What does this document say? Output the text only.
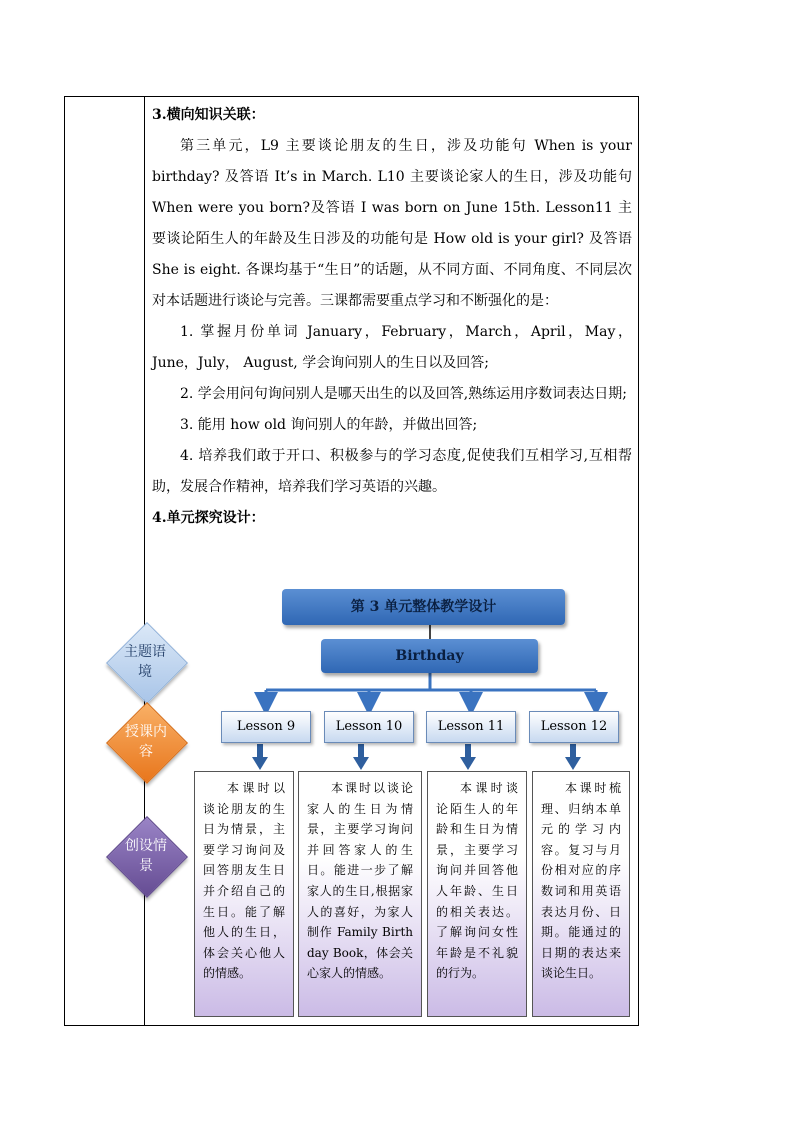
3.横向知识关联：
第三单元，L9 主要谈论朋友的生日，涉及功能句 When is your birthday? 及答语 It’s in March. L10 主要谈论家人的生日，涉及功能句 When were you born?及答语 I was born on June 15th. Lesson11 主要谈论陌生人的年龄及生日涉及的功能句是 How old is your girl? 及答语 She is eight. 各课均基于“生日”的话题，从不同方面、不同角度、不同层次对本话题进行谈论与完善。三课都需要重点学习和不断强化的是：
1. 掌握月份单词 January，February，March，April，May，June，July， August, 学会询问别人的生日以及回答;
2. 学会用问句询问别人是哪天出生的以及回答,熟练运用序数词表达日期;
3. 能用 how old 询问别人的年龄，并做出回答;
4. 培养我们敢于开口、积极参与的学习态度,促使我们互相学习,互相帮助，发展合作精神，培养我们学习英语的兴趣。
4.单元探究设计：
第 3 单元整体教学设计
Birthday
Lesson 9	Lesson 10	Lesson 11	Lesson 12
本课时以谈论朋友的生日为情景，主要学习询问及回答朋友生日并介绍自己的生日。能了解他人的生日，体会关心他人的情感。
本课时以谈论家人的生日为情景，主要学习询问并回答家人的生日。能进一步了解家人的生日,根据家人的喜好，为家人制作 Family Birthday Book，体会关心家人的情感。
本课时谈论陌生人的年龄和生日为情景，主要学习询问并回答他人年龄、生日的相关表达。了解询问女性年龄是不礼貌的行为。
本课时梳理、归纳本单元的学习内容。复习与月份相对应的序数词和用英语表达月份、日期。能通过的日期的表达来谈论生日。
主题语境
授课内容
创设情景
